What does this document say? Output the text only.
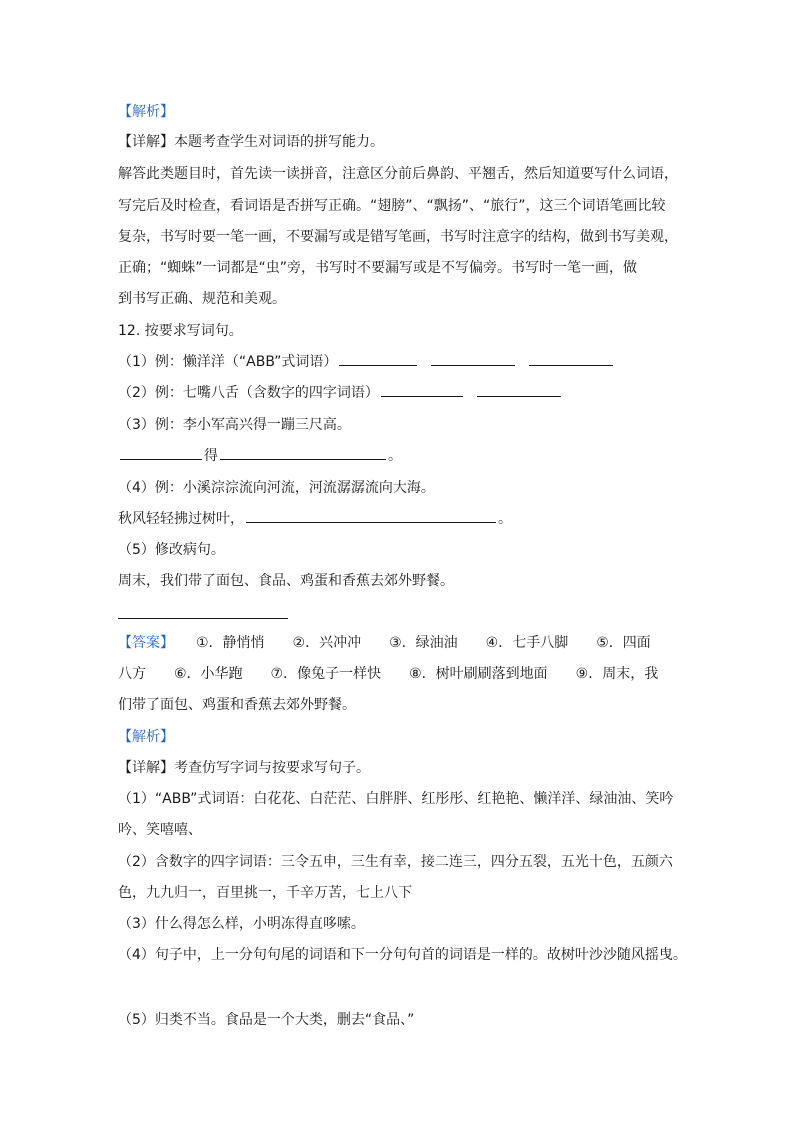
【解析】
【详解】本题考查学生对词语的拼写能力。
解答此类题目时，首先读一读拼音，注意区分前后鼻韵、平翘舌，然后知道要写什么词语，
写完后及时检查，看词语是否拼写正确。“翅膀”、“飘扬”、“旅行”，这三个词语笔画比较
复杂，书写时要一笔一画，不要漏写或是错写笔画，书写时注意字的结构，做到书写美观，
正确；“蜘蛛”一词都是“虫”旁，书写时不要漏写或是不写偏旁。书写时一笔一画，做
到书写正确、规范和美观。
12. 按要求写词句。
（1）例：懒洋洋（“ABB”式词语）
（2）例：七嘴八舌（含数字的四字词语）
（3）例：李小军高兴得一蹦三尺高。
得	。
（4）例：小溪淙淙流向河流，河流潺潺流向大海。
秋风轻轻拂过树叶，	。
（5）修改病句。
周末，我们带了面包、食品、鸡蛋和香蕉去郊外野餐。
【答案】 ①．静悄悄　　②．兴冲冲　　③．绿油油　　④．七手八脚　　⑤．四面
八方　　⑥．小华跑　　⑦．像兔子一样快　　⑧．树叶刷刷落到地面　　⑨．周末，我
们带了面包、鸡蛋和香蕉去郊外野餐。
【解析】
【详解】考查仿写字词与按要求写句子。
（1）“ABB”式词语：白花花、白茫茫、白胖胖、红彤彤、红艳艳、懒洋洋、绿油油、笑吟
吟、笑嘻嘻、
（2）含数字的四字词语：三令五申，三生有幸，接二连三，四分五裂，五光十色，五颜六
色，九九归一，百里挑一，千辛万苦，七上八下
（3）什么得怎么样，小明冻得直哆嗦。
（4）句子中，上一分句句尾的词语和下一分句句首的词语是一样的。故树叶沙沙随风摇曳。
（5）归类不当。食品是一个大类，删去“食品、”
